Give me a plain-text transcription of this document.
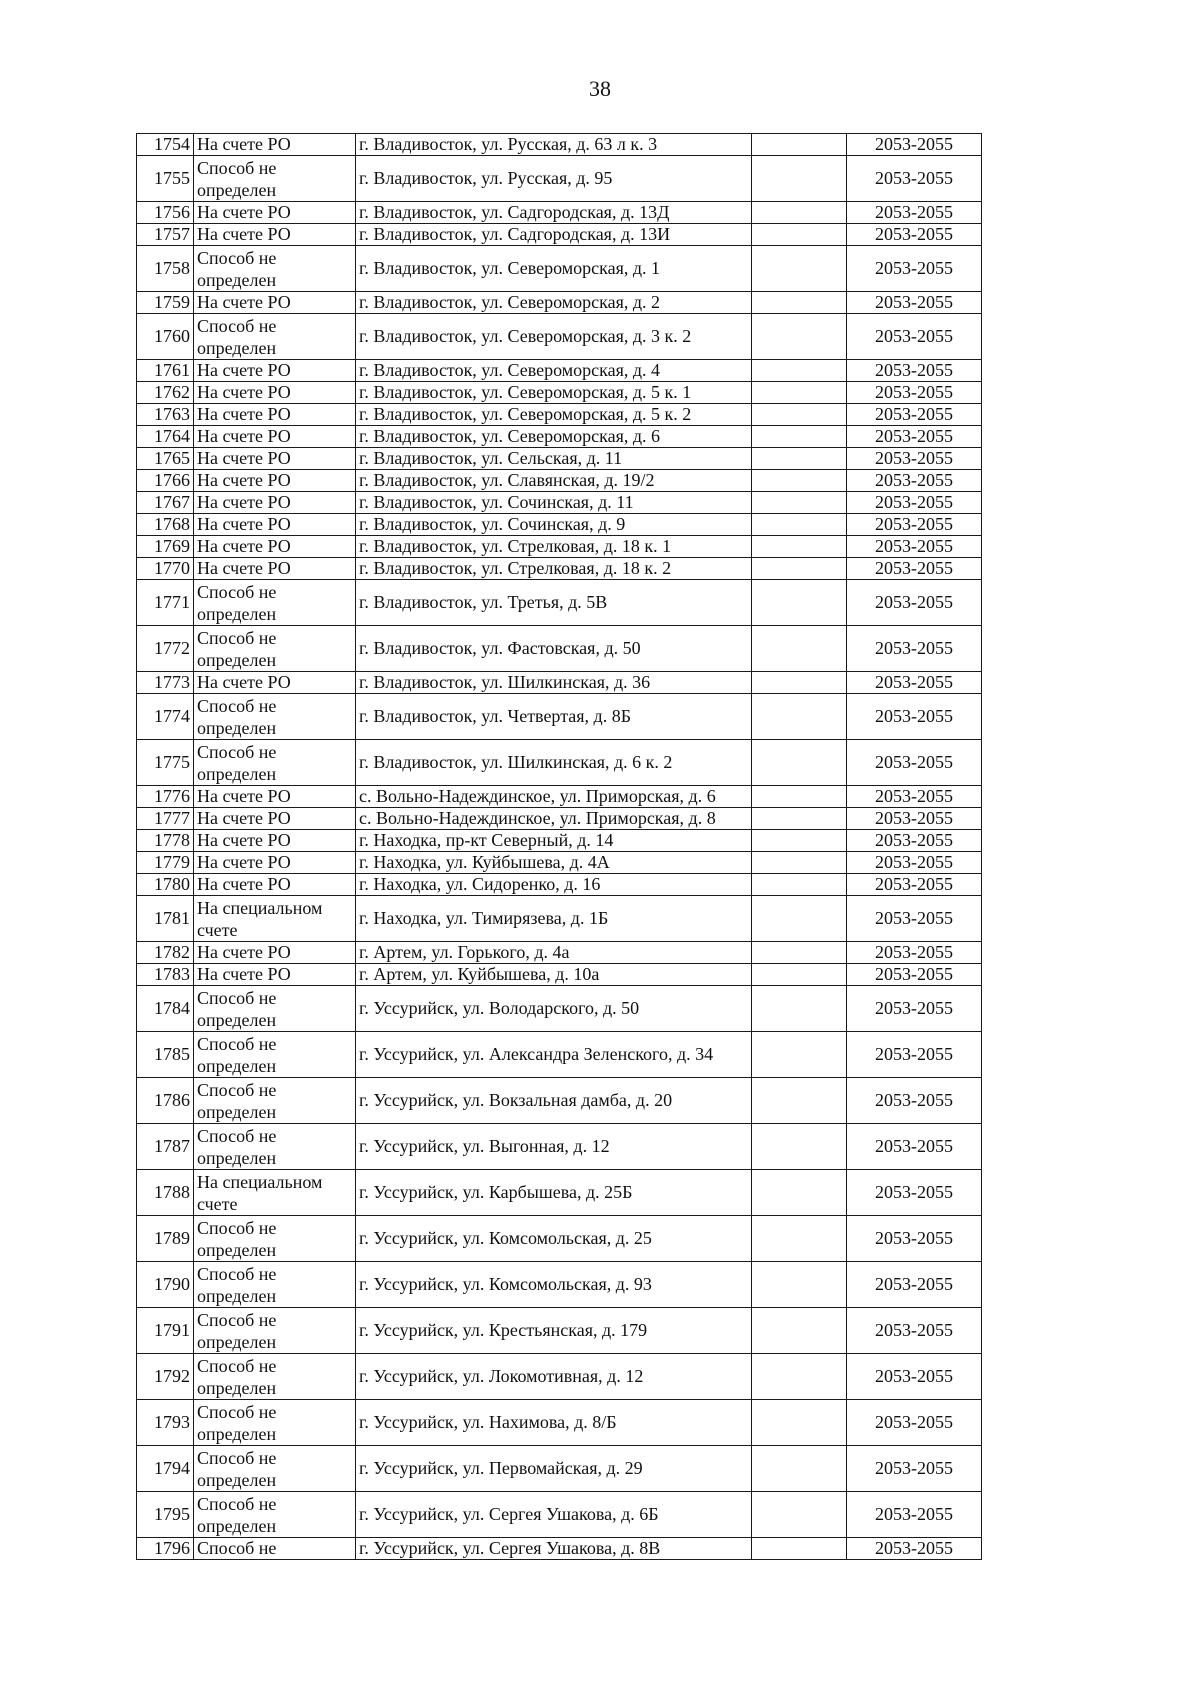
38
1754	На счете РО	г. Владивосток, ул. Русская, д. 63 л к. 3		2053-2055
1755	Способ не определен	г. Владивосток, ул. Русская, д. 95		2053-2055
1756	На счете РО	г. Владивосток, ул. Садгородская, д. 13Д		2053-2055
1757	На счете РО	г. Владивосток, ул. Садгородская, д. 13И		2053-2055
1758	Способ не определен	г. Владивосток, ул. Североморская, д. 1		2053-2055
1759	На счете РО	г. Владивосток, ул. Североморская, д. 2		2053-2055
1760	Способ не определен	г. Владивосток, ул. Североморская, д. 3 к. 2		2053-2055
1761	На счете РО	г. Владивосток, ул. Североморская, д. 4		2053-2055
1762	На счете РО	г. Владивосток, ул. Североморская, д. 5 к. 1		2053-2055
1763	На счете РО	г. Владивосток, ул. Североморская, д. 5 к. 2		2053-2055
1764	На счете РО	г. Владивосток, ул. Североморская, д. 6		2053-2055
1765	На счете РО	г. Владивосток, ул. Сельская, д. 11		2053-2055
1766	На счете РО	г. Владивосток, ул. Славянская, д. 19/2		2053-2055
1767	На счете РО	г. Владивосток, ул. Сочинская, д. 11		2053-2055
1768	На счете РО	г. Владивосток, ул. Сочинская, д. 9		2053-2055
1769	На счете РО	г. Владивосток, ул. Стрелковая, д. 18 к. 1		2053-2055
1770	На счете РО	г. Владивосток, ул. Стрелковая, д. 18 к. 2		2053-2055
1771	Способ не определен	г. Владивосток, ул. Третья, д. 5В		2053-2055
1772	Способ не определен	г. Владивосток, ул. Фастовская, д. 50		2053-2055
1773	На счете РО	г. Владивосток, ул. Шилкинская, д. 36		2053-2055
1774	Способ не определен	г. Владивосток, ул. Четвертая, д. 8Б		2053-2055
1775	Способ не определен	г. Владивосток, ул. Шилкинская, д. 6 к. 2		2053-2055
1776	На счете РО	с. Вольно-Надеждинское, ул. Приморская, д. 6		2053-2055
1777	На счете РО	с. Вольно-Надеждинское, ул. Приморская, д. 8		2053-2055
1778	На счете РО	г. Находка, пр-кт Северный, д. 14		2053-2055
1779	На счете РО	г. Находка, ул. Куйбышева, д. 4А		2053-2055
1780	На счете РО	г. Находка, ул. Сидоренко, д. 16		2053-2055
1781	На специальном счете	г. Находка, ул. Тимирязева, д. 1Б		2053-2055
1782	На счете РО	г. Артем, ул. Горького, д. 4а		2053-2055
1783	На счете РО	г. Артем, ул. Куйбышева, д. 10а		2053-2055
1784	Способ не определен	г. Уссурийск, ул. Володарского, д. 50		2053-2055
1785	Способ не определен	г. Уссурийск, ул. Александра Зеленского, д. 34		2053-2055
1786	Способ не определен	г. Уссурийск, ул. Вокзальная дамба, д. 20		2053-2055
1787	Способ не определен	г. Уссурийск, ул. Выгонная, д. 12		2053-2055
1788	На специальном счете	г. Уссурийск, ул. Карбышева, д. 25Б		2053-2055
1789	Способ не определен	г. Уссурийск, ул. Комсомольская, д. 25		2053-2055
1790	Способ не определен	г. Уссурийск, ул. Комсомольская, д. 93		2053-2055
1791	Способ не определен	г. Уссурийск, ул. Крестьянская, д. 179		2053-2055
1792	Способ не определен	г. Уссурийск, ул. Локомотивная, д. 12		2053-2055
1793	Способ не определен	г. Уссурийск, ул. Нахимова, д. 8/Б		2053-2055
1794	Способ не определен	г. Уссурийск, ул. Первомайская, д. 29		2053-2055
1795	Способ не определен	г. Уссурийск, ул. Сергея Ушакова, д. 6Б		2053-2055
1796	Способ не	г. Уссурийск, ул. Сергея Ушакова, д. 8В		2053-2055
